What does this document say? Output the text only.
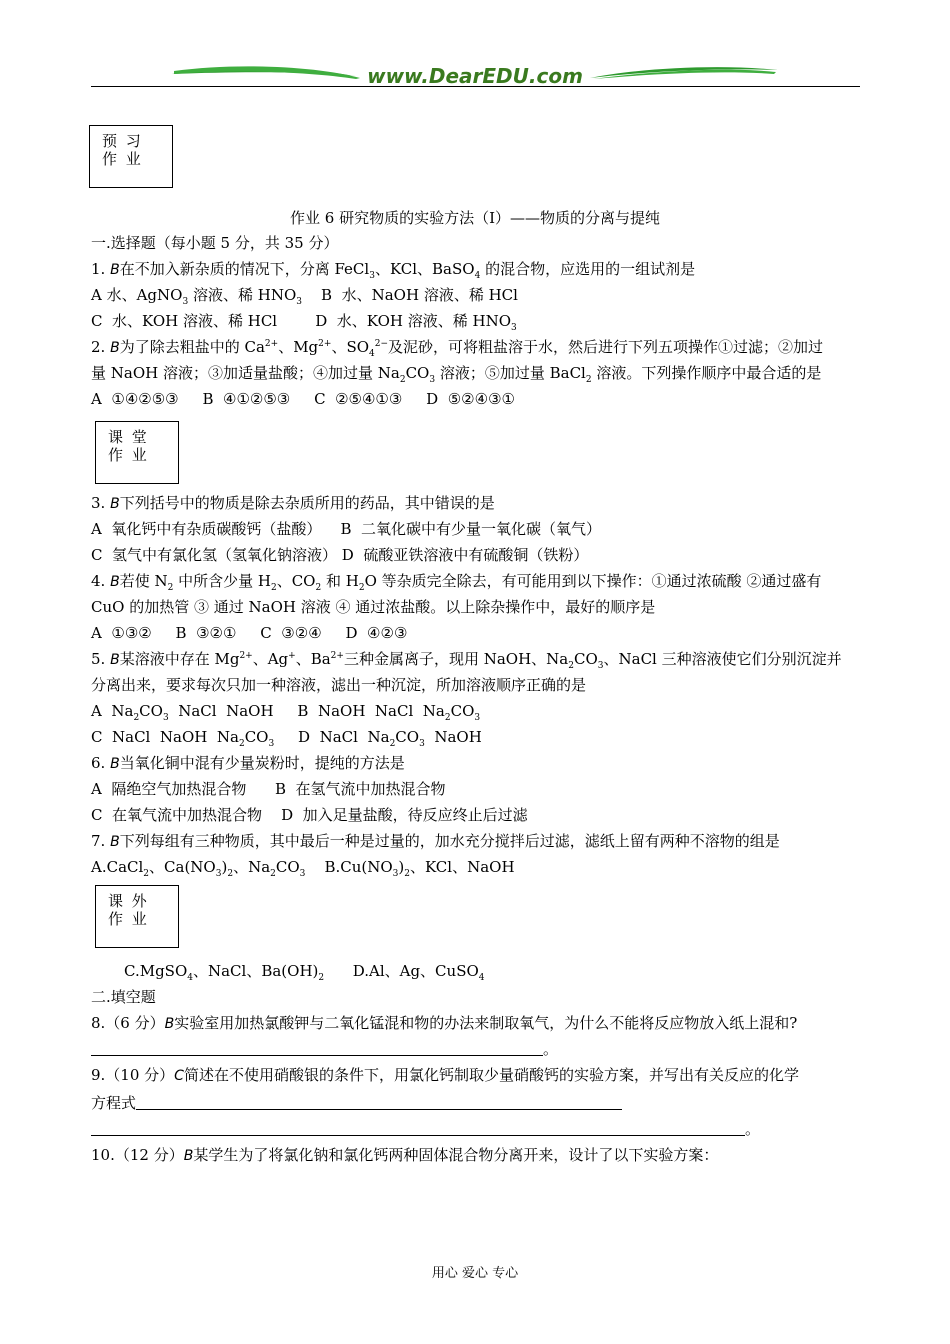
www.DearEDU.com
预 习
作 业
作业 6 研究物质的实验方法（Ⅰ）——物质的分离与提纯
一.选择题（每小题 5 分，共 35 分）
1. B在不加入新杂质的情况下，分离 FeCl$_3$、KCl、BaSO$_4$ 的混合物，应选用的一组试剂是
A 水、AgNO$_3$ 溶液、稀 $HNO_3$    B  水、NaOH 溶液、稀 HCl
C  水、KOH 溶液、稀 HCl        D  水、KOH 溶液、稀 $HNO_3$
2. B为了除去粗盐中的 $Ca^{2+}$、$Mg^{2+}$、$SO_4^{2-}$及泥砂，可将粗盐溶于水，然后进行下列五项操作①过滤；②加过
量 NaOH 溶液；③加适量盐酸；④加过量 $Na_2CO_3$ 溶液；⑤加过量 BaCl$_2$ 溶液。下列操作顺序中最合适的是
A  ①④②⑤③     B  ④①②⑤③     C  ②⑤④①③     D  ⑤②④③①
课 堂
作 业
3. B下列括号中的物质是除去杂质所用的药品，其中错误的是
A  氧化钙中有杂质碳酸钙（盐酸）    B  二氧化碳中有少量一氧化碳（氧气）
C  氢气中有氯化氢（氢氧化钠溶液） D  硫酸亚铁溶液中有硫酸铜（铁粉）
4. B若使 $N_2$ 中所含少量 $H_2$、$CO_2$ 和 $H_2O$ 等杂质完全除去，有可能用到以下操作：①通过浓硫酸 ②通过盛有
CuO 的加热管 ③ 通过 NaOH 溶液 ④ 通过浓盐酸。以上除杂操作中，最好的顺序是
A  ①③②     B  ③②①     C  ③②④     D  ④②③
5. B某溶液中存在 $Mg^{2+}$、Ag+、$Ba^{2+}$三种金属离子，现用 NaOH、$Na_2CO_3$、NaCl 三种溶液使它们分别沉淀并
分离出来，要求每次只加一种溶液，滤出一种沉淀，所加溶液顺序正确的是
A  $Na_2CO_3$  NaCl  NaOH     B  NaOH  NaCl  $Na_2CO_3$
C  NaCl  NaOH  $Na_2CO_3$     D  NaCl  $Na_2CO_3$  NaOH
6. B当氧化铜中混有少量炭粉时，提纯的方法是
A  隔绝空气加热混合物      B  在氢气流中加热混合物
C  在氧气流中加热混合物    D  加入足量盐酸，待反应终止后过滤
7. B下列每组有三种物质，其中最后一种是过量的，加水充分搅拌后过滤，滤纸上留有两种不溶物的组是
A.CaCl$_2$、$Ca(NO_3)_2$、$Na_2CO_3$    $B.Cu(NO_3)_2$、KCl、NaOH
课 外
作 业
C.MgSO$_4$、NaCl、$Ba(OH)_2$      D.Al、Ag、CuSO$_4$
二.填空题
8.（6 分）B实验室用加热氯酸钾与二氧化锰混和物的办法来制取氧气，为什么不能将反应物放入纸上混和?
。
9.（10 分）C简述在不使用硝酸银的条件下，用氯化钙制取少量硝酸钙的实验方案，并写出有关反应的化学
方程式
。
10.（12 分）B某学生为了将氯化钠和氯化钙两种固体混合物分离开来，设计了以下实验方案：
用心 爱心 专心
